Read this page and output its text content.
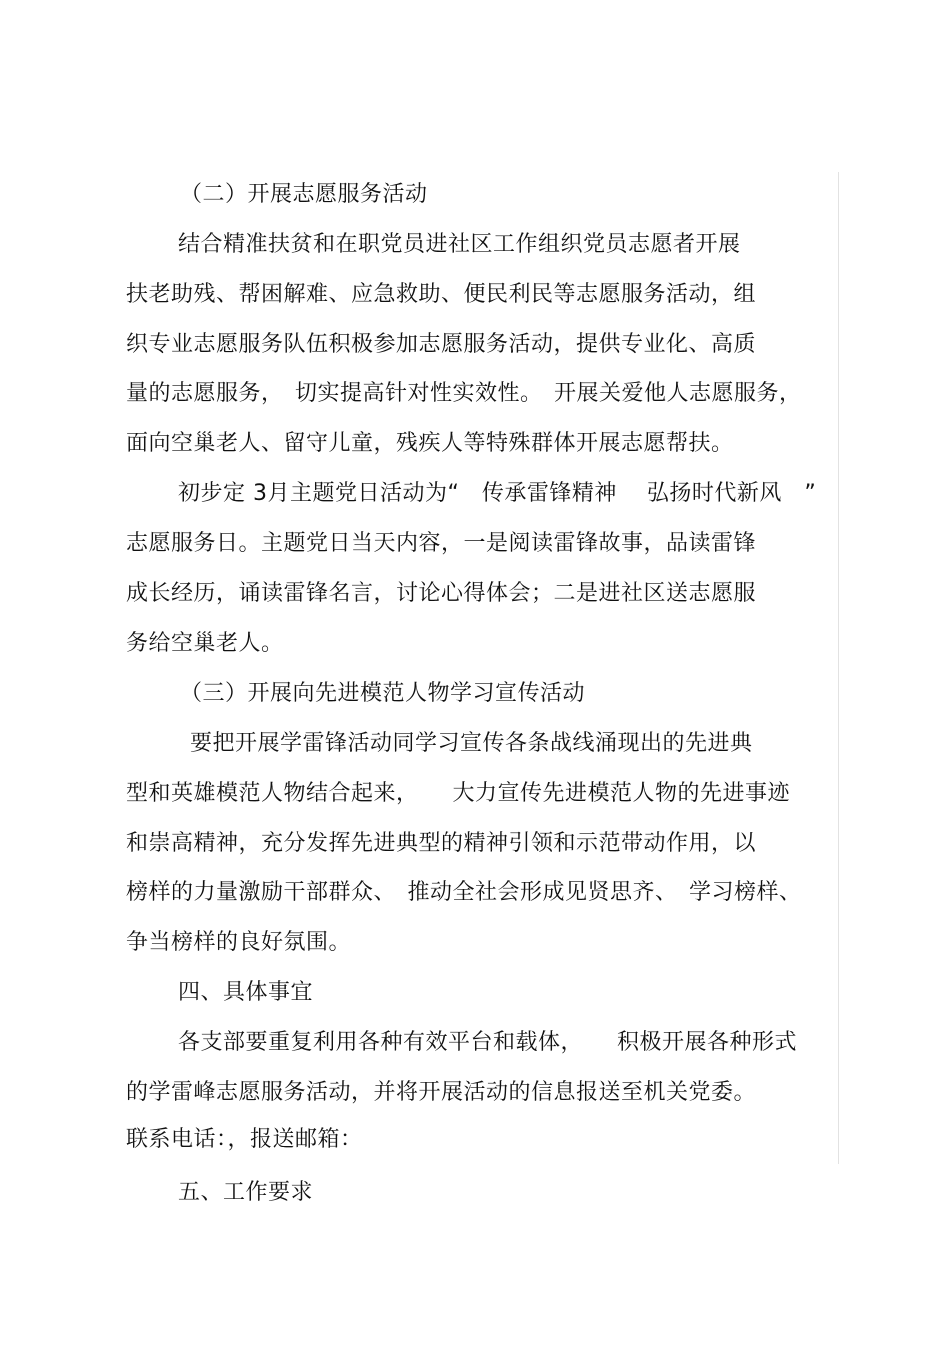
（二）开展志愿服务活动
结合精准扶贫和在职党员进社区工作组织党员志愿者开展
扶老助残、帮困解难、应急救助、便民利民等志愿服务活动，组
织专业志愿服务队伍积极参加志愿服务活动，提供专业化、高质
量的志愿服务，　切实提高针对性实效性。　开展关爱他人志愿服务，
面向空巢老人、留守儿童，残疾人等特殊群体开展志愿帮扶。
初步定 3月主题党日活动为“　传承雷锋精神　 弘扬时代新风　”
志愿服务日。主题党日当天内容，一是阅读雷锋故事，品读雷锋
成长经历，诵读雷锋名言，讨论心得体会；二是进社区送志愿服
务给空巢老人。
（三）开展向先进模范人物学习宣传活动
要把开展学雷锋活动同学习宣传各条战线涌现出的先进典
型和英雄模范人物结合起来，　　大力宣传先进模范人物的先进事迹
和崇高精神，充分发挥先进典型的精神引领和示范带动作用，以
榜样的力量激励干部群众、　推动全社会形成见贤思齐、　学习榜样、
争当榜样的良好氛围。
四、具体事宜
各支部要重复利用各种有效平台和载体，　　积极开展各种形式
的学雷峰志愿服务活动，并将开展活动的信息报送至机关党委。
联系电话：，报送邮箱：
五、工作要求
